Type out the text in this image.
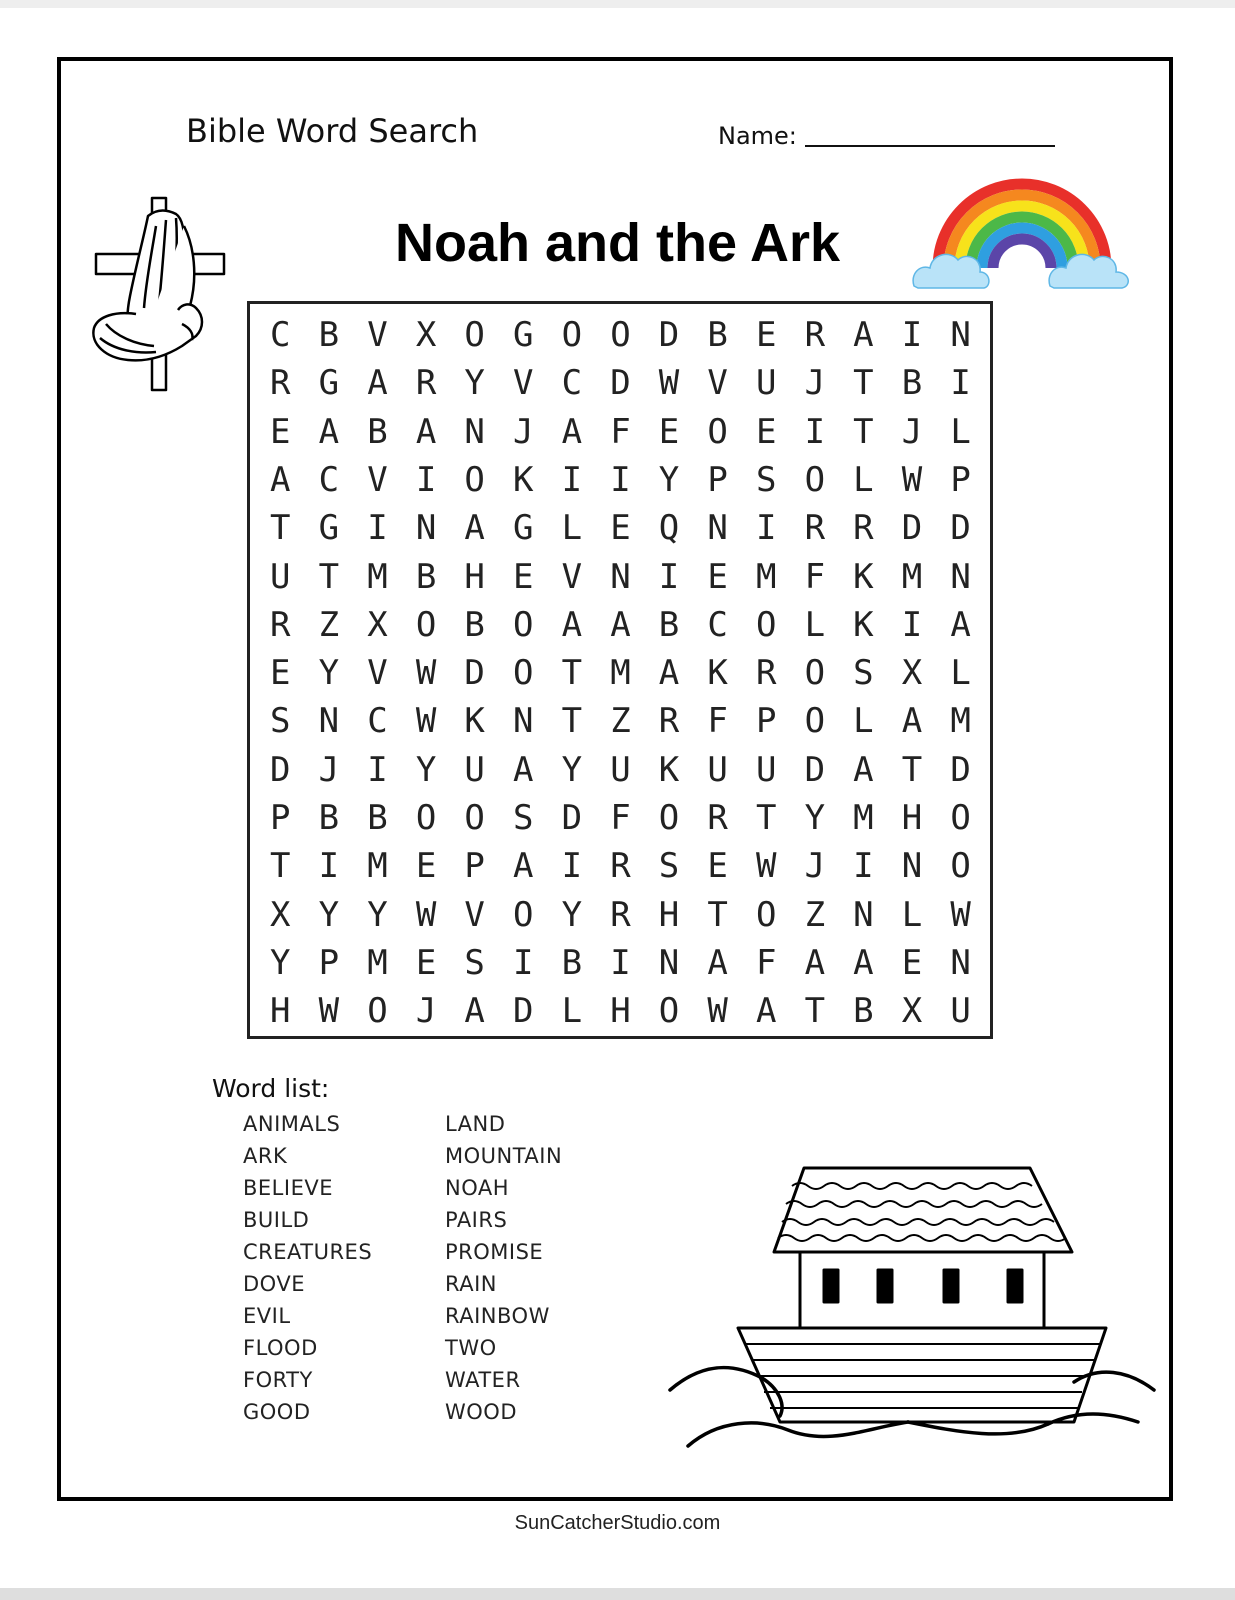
Bible Word Search	Name:
Noah and the Ark
C B V X O G O O D B E R A I N
R G A R Y V C D W V U J T B I
E A B A N J A F E O E I T J L
A C V I O K I I Y P S O L W P
T G I N A G L E Q N I R R D D
U T M B H E V N I E M F K M N
R Z X O B O A A B C O L K I A
E Y V W D O T M A K R O S X L
S N C W K N T Z R F P O L A M
D J I Y U A Y U K U U D A T D
P B B O O S D F O R T Y M H O
T I M E P A I R S E W J I N O
X Y Y W V O Y R H T O Z N L W
Y P M E S I B I N A F A A E N
H W O J A D L H O W A T B X U
Word list:
ANIMALS
ARK
BELIEVE
BUILD
CREATURES
DOVE
EVIL
FLOOD
FORTY
GOOD
LAND
MOUNTAIN
NOAH
PAIRS
PROMISE
RAIN
RAINBOW
TWO
WATER
WOOD
SunCatcherStudio.com
